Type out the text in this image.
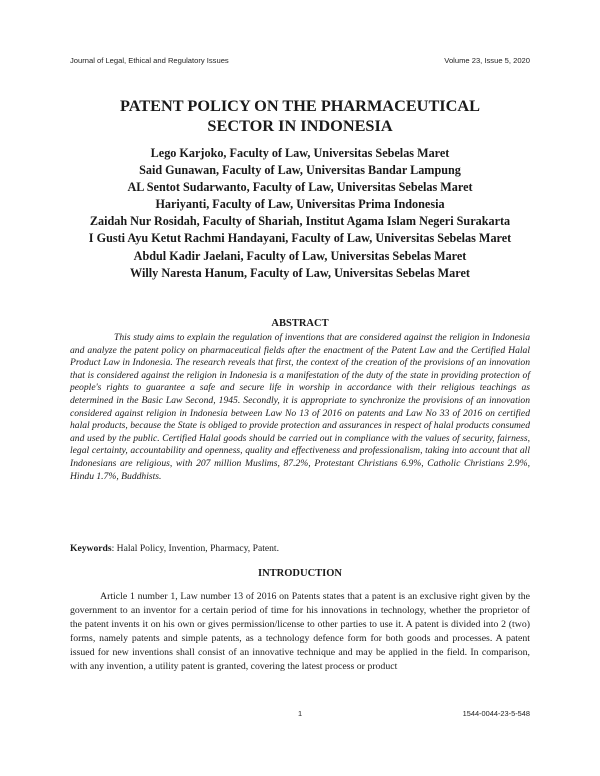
Journal of Legal, Ethical and Regulatory Issues	Volume 23, Issue 5, 2020
PATENT POLICY ON THE PHARMACEUTICAL
SECTOR IN INDONESIA
Lego Karjoko, Faculty of Law, Universitas Sebelas Maret
Said Gunawan, Faculty of Law, Universitas Bandar Lampung
AL Sentot Sudarwanto, Faculty of Law, Universitas Sebelas Maret
Hariyanti, Faculty of Law, Universitas Prima Indonesia
Zaidah Nur Rosidah, Faculty of Shariah, Institut Agama Islam Negeri Surakarta
I Gusti Ayu Ketut Rachmi Handayani, Faculty of Law, Universitas Sebelas Maret
Abdul Kadir Jaelani, Faculty of Law, Universitas Sebelas Maret
Willy Naresta Hanum, Faculty of Law, Universitas Sebelas Maret
ABSTRACT

This study aims to explain the regulation of inventions that are considered against the religion in Indonesia and analyze the patent policy on pharmaceutical fields after the enactment of the Patent Law and the Certified Halal Product Law in Indonesia. The research reveals that first, the context of the creation of the provisions of an innovation that is considered against the religion in Indonesia is a manifestation of the duty of the state in providing protection of people's rights to guarantee a safe and secure life in worship in accordance with their religious teachings as determined in the Basic Law Second, 1945. Secondly, it is appropriate to synchronize the provisions of an innovation considered against religion in Indonesia between Law No 13 of 2016 on patents and Law No 33 of 2016 on certified halal products, because the State is obliged to provide protection and assurances in respect of halal products consumed and used by the public. Certified Halal goods should be carried out in compliance with the values of security, fairness, legal certainty, accountability and openness, quality and effectiveness and professionalism, taking into account that all Indonesians are religious, with 207 million Muslims, 87.2%, Protestant Christians 6.9%, Catholic Christians 2.9%, Hindu 1.7%, Buddhists.

Keywords: Halal Policy, Invention, Pharmacy, Patent.

INTRODUCTION

Article 1 number 1, Law number 13 of 2016 on Patents states that a patent is an exclusive right given by the government to an inventor for a certain period of time for his innovations in technology, whether the proprietor of the patent invents it on his own or gives permission/license to other parties to use it. A patent is divided into 2 (two) forms, namely patents and simple patents, as a technology defence form for both goods and processes. A patent issued for new inventions shall consist of an innovative technique and may be applied in the field. In comparison, with any invention, a utility patent is granted, covering the latest process or product

1	1544-0044-23-5-548
